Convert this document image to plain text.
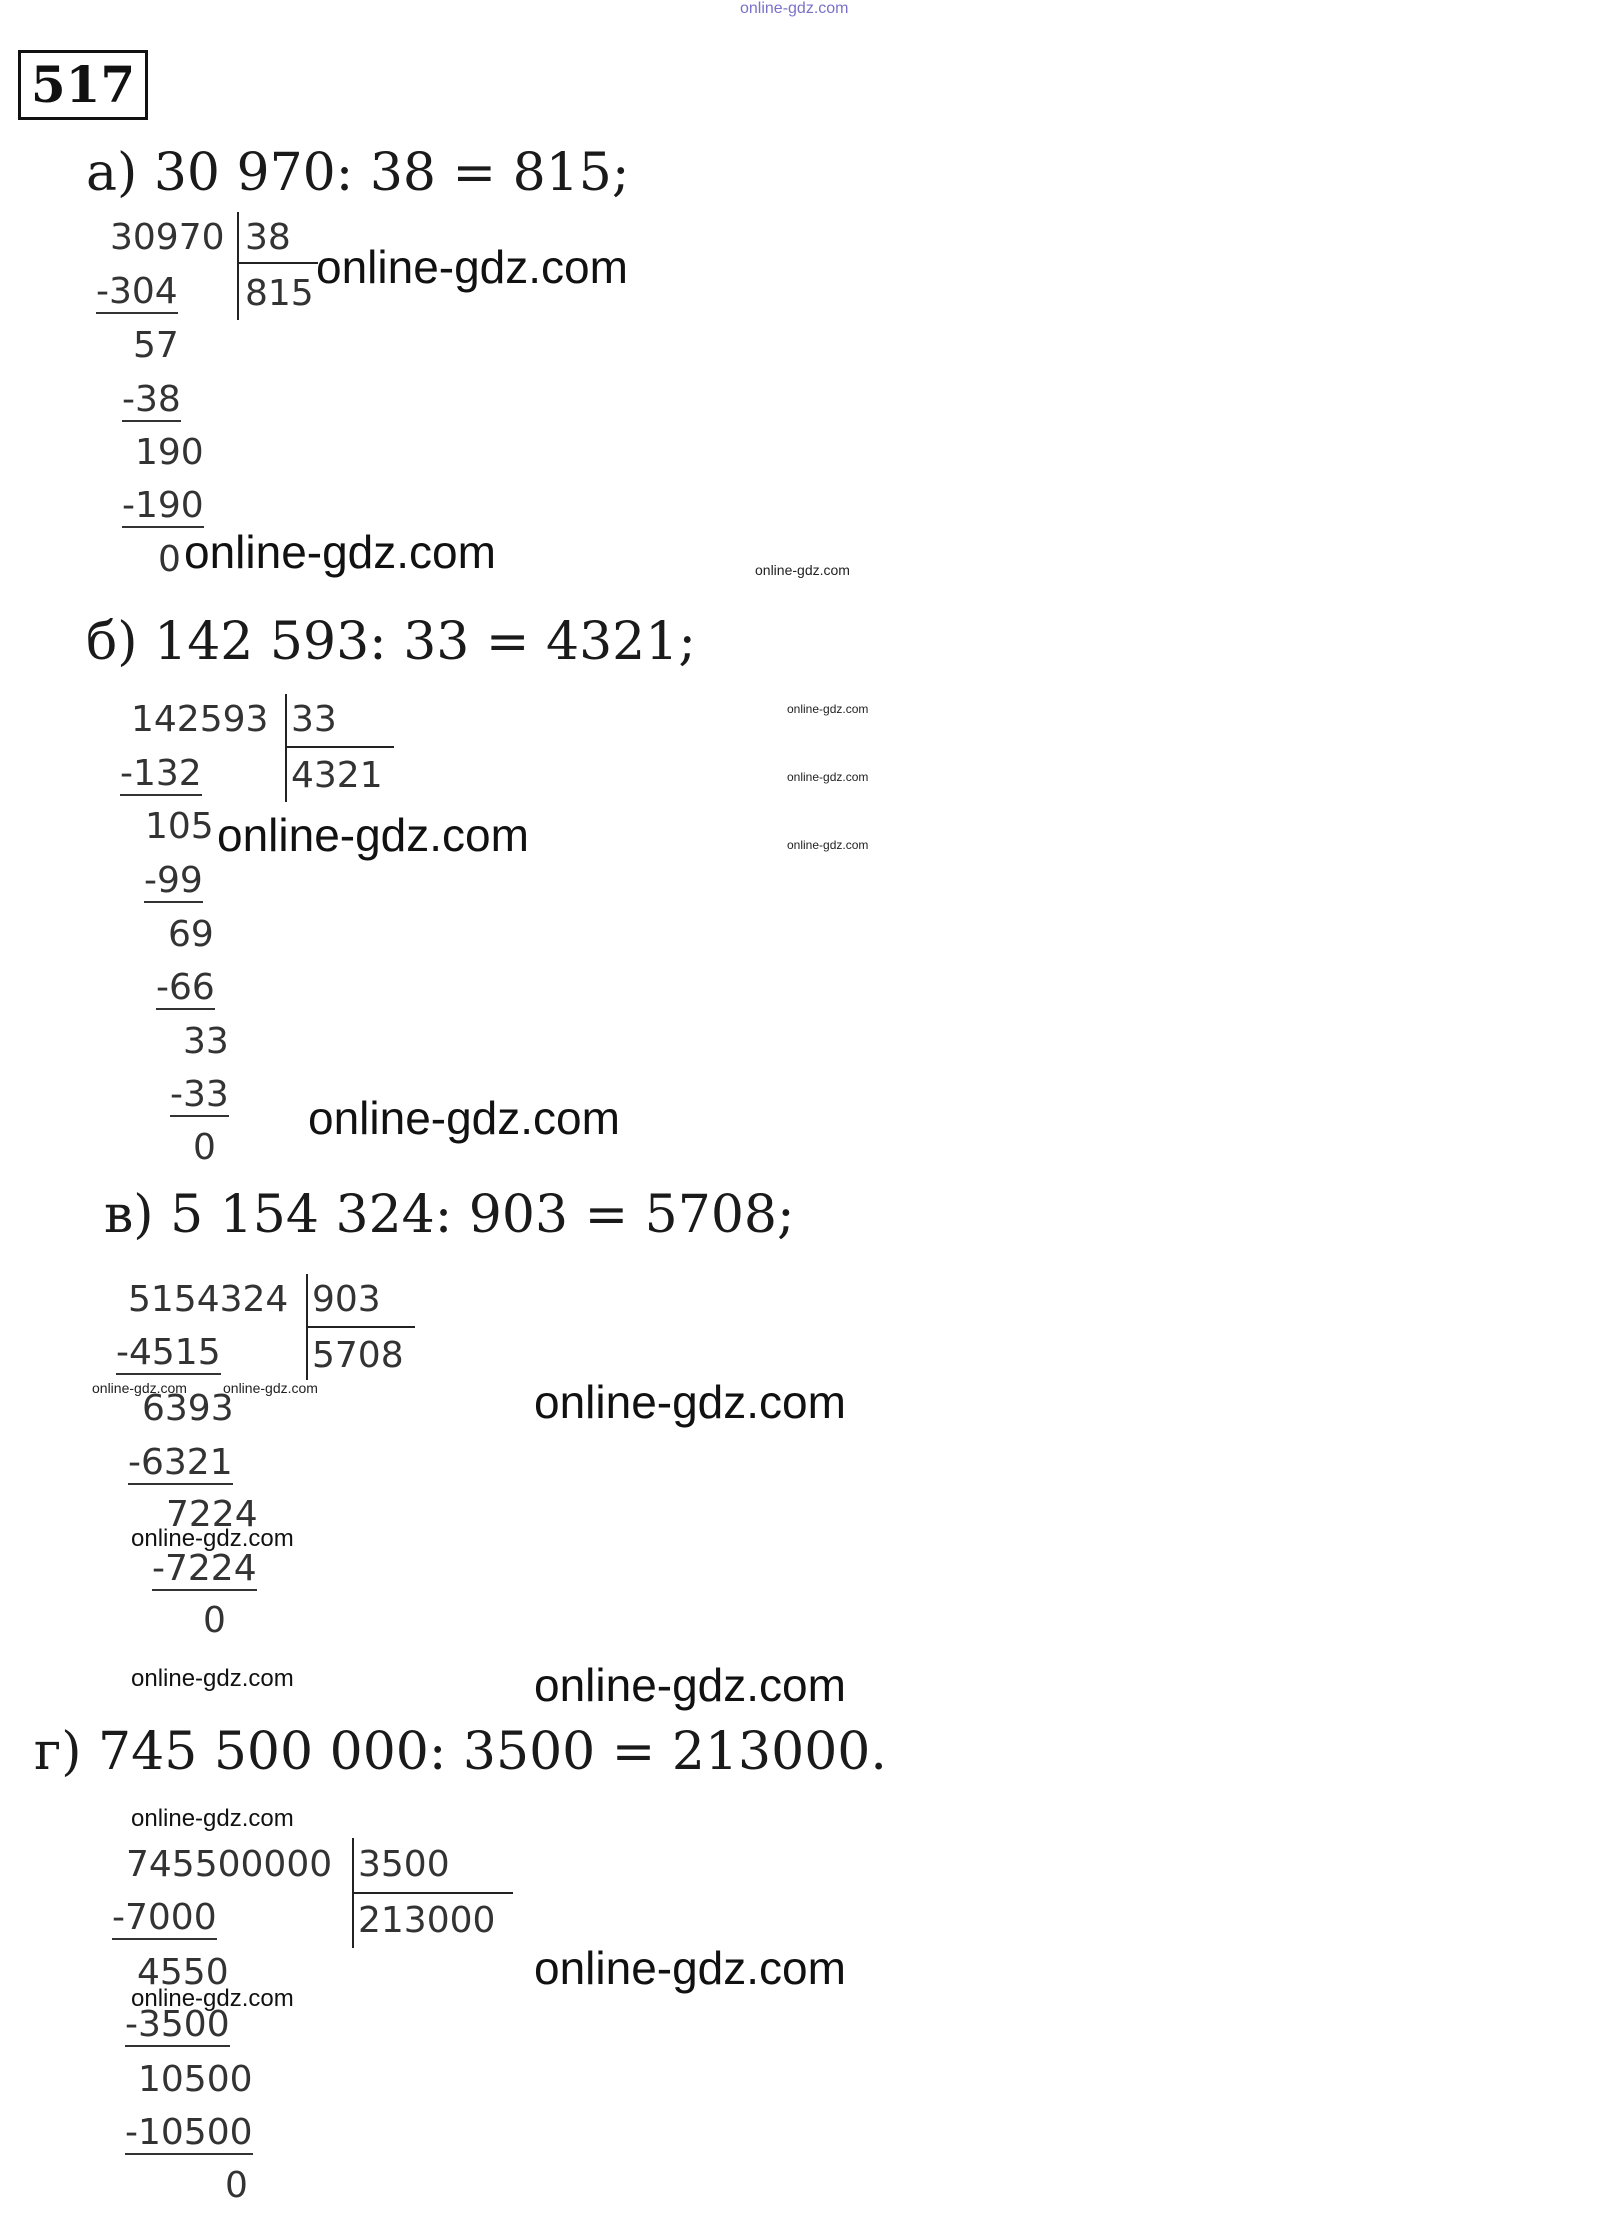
online-gdz.com
517
а) 30 970: 38 = 815;
30970 38
815
-304
57
-38
190
-190
0
online-gdz.com
online-gdz.com	online-gdz.com
б) 142 593: 33 = 4321;
142593 33
4321
-132
105
-99
69
-66
33
-33
0
online-gdz.com
online-gdz.com
online-gdz.com
online-gdz.com
online-gdz.com
в) 5 154 324: 903 = 5708;
5154324 903
5708
-4515
6393
-6321
7224
-7224
0
online-gdz.com	online-gdz.com	online-gdz.com
online-gdz.com
online-gdz.com	online-gdz.com
г) 745 500 000: 3500 = 213000.
online-gdz.com
745500000 3500
213000
-7000
4550
-3500
10500
-10500
0
online-gdz.com
online-gdz.com
